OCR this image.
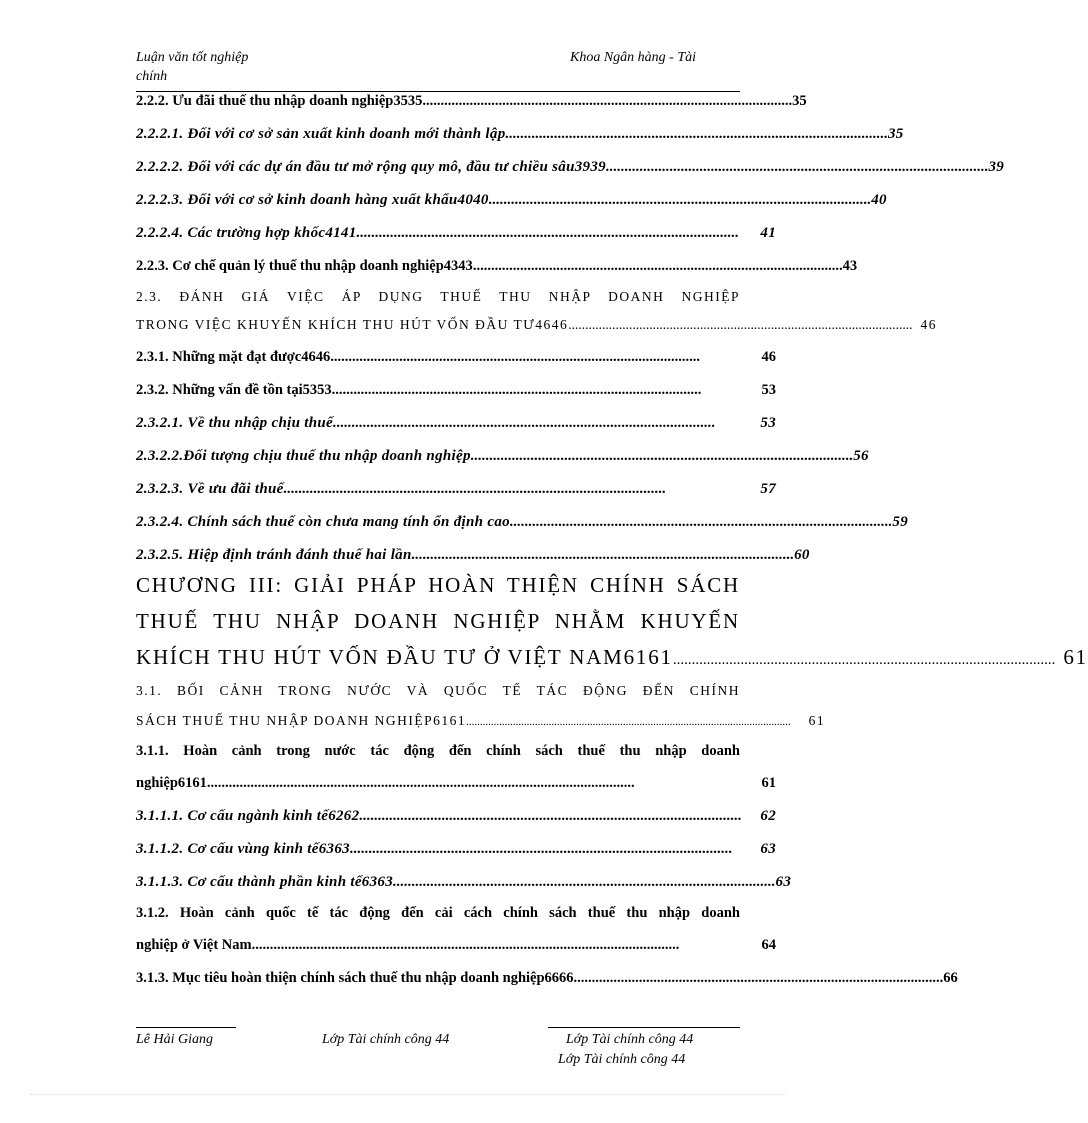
Luận văn tốt nghiệp
chính
Khoa Ngân hàng - Tài
2.2.2. Ưu đãi thuế thu nhập doanh nghiệp3535 ...................................................................................................... 35
2.2.2.1. Đối với cơ sở sản xuất kinh doanh mới thành lập ...................................................................................................... 35
2.2.2.2. Đối với các dự án đầu tư mở rộng quy mô, đầu tư chiều sâu3939 ...................................................................................................... 39
2.2.2.3. Đối với cơ sở kinh doanh hàng xuất khẩu4040 ...................................................................................................... 40
2.2.2.4. Các trường hợp khốc4141 ......................................................................................................	41
2.2.3. Cơ chế quản lý thuế thu nhập doanh nghiệp4343 ...................................................................................................... 43
2.3. ĐÁNH GIÁ VIỆC ÁP DỤNG THUẾ THU NHẬP DOANH NGHIỆP
TRONG VIỆC KHUYẾN KHÍCH THU HÚT VỐN ĐẦU TƯ4646 ...................................................................................................... 46
2.3.1. Những mặt đạt được4646 ......................................................................................................	46
2.3.2. Những vấn đề tồn tại5353 ......................................................................................................	53
2.3.2.1. Về thu nhập chịu thuế ......................................................................................................	53
2.3.2.2.Đối tượng chịu thuế thu nhập doanh nghiệp ...................................................................................................... 56
2.3.2.3. Về ưu đãi thuế ......................................................................................................	57
2.3.2.4. Chính sách thuế còn chưa mang tính ổn định cao ...................................................................................................... 59
2.3.2.5. Hiệp định tránh đánh thuế hai lần ...................................................................................................... 60
CHƯƠNG III: GIẢI PHÁP HOÀN THIỆN CHÍNH SÁCH
THUẾ THU NHẬP DOANH NGHIỆP NHẰM KHUYẾN
KHÍCH THU HÚT VỐN ĐẦU TƯ Ở VIỆT NAM6161 ...................................................................................................... 61
3.1. BỐI CẢNH TRONG NƯỚC VÀ QUỐC TẾ TÁC ĐỘNG ĐẾN CHÍNH
SÁCH THUẾ THU NHẬP DOANH NGHIỆP6161 ......................................................................................................................	61
3.1.1. Hoàn cảnh trong nước tác động đến chính sách thuế thu nhập doanh
nghiệp6161 ......................................................................................................................	61
3.1.1.1. Cơ cấu ngành kinh tế6262 ......................................................................................................	62
3.1.1.2. Cơ cấu vùng kinh tế6363 ......................................................................................................	63
3.1.1.3. Cơ cấu thành phần kinh tế6363 ...................................................................................................... 63
3.1.2. Hoàn cảnh quốc tế tác động đến cải cách chính sách thuế thu nhập doanh
nghiệp ở Việt Nam ......................................................................................................................	64
3.1.3. Mục tiêu hoàn thiện chính sách thuế thu nhập doanh nghiệp6666 ...................................................................................................... 66
Lê Hải Giang	Lớp Tài chính công 44	Lớp Tài chính công 44
Lớp Tài chính công 44
